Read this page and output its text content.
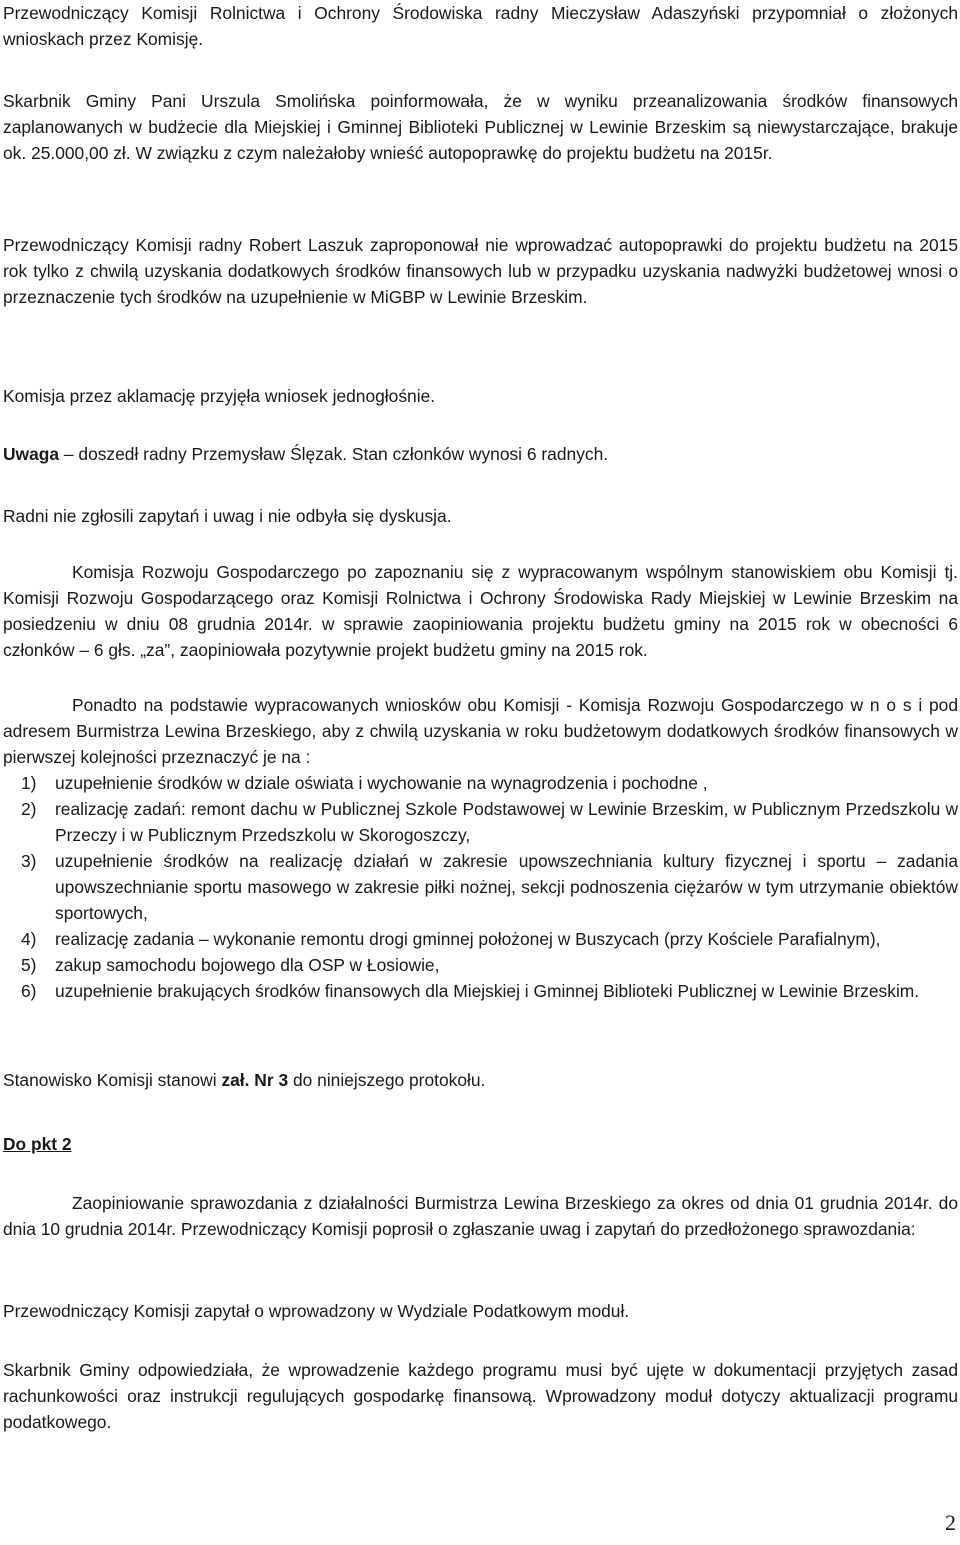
Przewodniczący Komisji Rolnictwa i Ochrony Środowiska radny Mieczysław Adaszyński przypomniał o złożonych wnioskach przez Komisję.

Skarbnik Gminy Pani Urszula Smolińska poinformowała, że w wyniku przeanalizowania środków finansowych zaplanowanych w budżecie dla Miejskiej i Gminnej Biblioteki Publicznej w Lewinie Brzeskim są niewystarczające, brakuje ok. 25.000,00 zł. W związku z czym należałoby wnieść autopoprawkę do projektu budżetu na 2015r.

Przewodniczący Komisji radny Robert Laszuk zaproponował nie wprowadzać autopoprawki do projektu budżetu na 2015 rok tylko z chwilą uzyskania dodatkowych środków finansowych lub w przypadku uzyskania nadwyżki budżetowej wnosi o przeznaczenie tych środków na uzupełnienie w MiGBP w Lewinie Brzeskim.

Komisja przez aklamację przyjęła wniosek jednogłośnie.

Uwaga – doszedł radny Przemysław Ślęzak. Stan członków wynosi 6 radnych.

Radni nie zgłosili zapytań i uwag i nie odbyła się dyskusja.

Komisja Rozwoju Gospodarczego po zapoznaniu się z wypracowanym wspólnym stanowiskiem obu Komisji tj. Komisji Rozwoju Gospodarzącego oraz Komisji Rolnictwa i Ochrony Środowiska Rady Miejskiej w Lewinie Brzeskim na posiedzeniu w dniu 08 grudnia 2014r. w sprawie zaopiniowania projektu budżetu gminy na 2015 rok w obecności 6 członków – 6 głs. „za”, zaopiniowała pozytywnie projekt budżetu gminy na 2015 rok.

Ponadto na podstawie wypracowanych wniosków obu Komisji - Komisja Rozwoju Gospodarczego w n o s i pod adresem Burmistrza Lewina Brzeskiego, aby z chwilą uzyskania w roku budżetowym dodatkowych środków finansowych w pierwszej kolejności przeznaczyć je na :

1) uzupełnienie środków w dziale oświata i wychowanie na wynagrodzenia i pochodne ,
2) realizację zadań: remont dachu w Publicznej Szkole Podstawowej w Lewinie Brzeskim, w Publicznym Przedszkolu w Przeczy i w Publicznym Przedszkolu w Skorogoszczy,
3) uzupełnienie środków na realizację działań w zakresie upowszechniania kultury fizycznej i sportu – zadania upowszechnianie sportu masowego w zakresie piłki nożnej, sekcji podnoszenia ciężarów w tym utrzymanie obiektów sportowych,
4) realizację zadania – wykonanie remontu drogi gminnej położonej w Buszycach (przy Kościele Parafialnym),
5) zakup samochodu bojowego dla OSP w Łosiowie,
6) uzupełnienie brakujących środków finansowych dla Miejskiej i Gminnej Biblioteki Publicznej w Lewinie Brzeskim.

Stanowisko Komisji stanowi zał. Nr 3 do niniejszego protokołu.

Do pkt 2

Zaopiniowanie sprawozdania z działalności Burmistrza Lewina Brzeskiego za okres od dnia 01 grudnia 2014r. do dnia 10 grudnia 2014r. Przewodniczący Komisji poprosił o zgłaszanie uwag i zapytań do przedłożonego sprawozdania:

Przewodniczący Komisji zapytał o wprowadzony w Wydziale Podatkowym moduł.

Skarbnik Gminy odpowiedziała, że wprowadzenie każdego programu musi być ujęte w dokumentacji przyjętych zasad rachunkowości oraz instrukcji regulujących gospodarkę finansową. Wprowadzony moduł dotyczy aktualizacji programu podatkowego.

2
